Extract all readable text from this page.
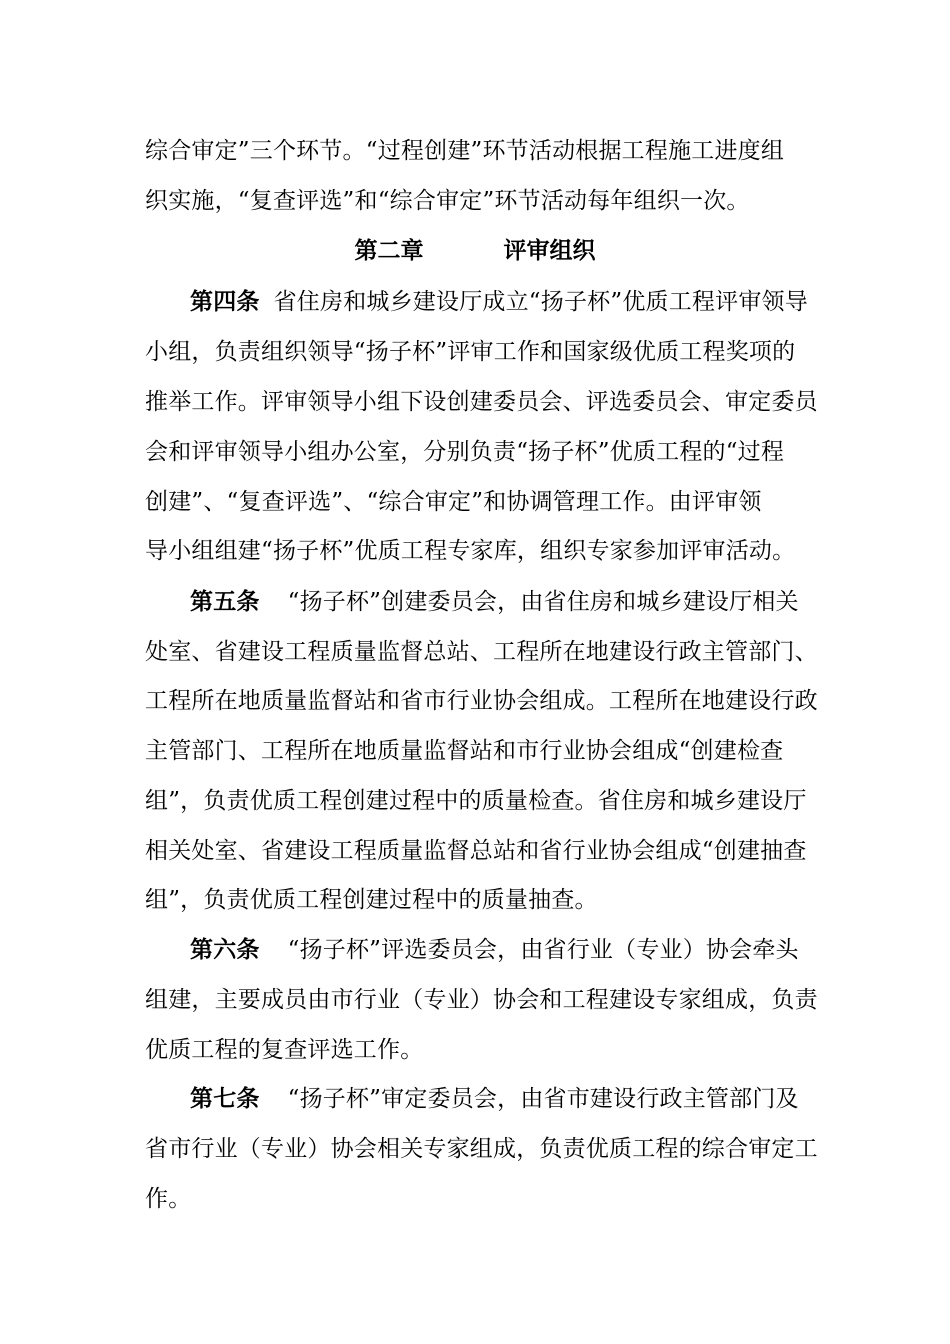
综合审定”三个环节。“过程创建”环节活动根据工程施工进度组
织实施，“复查评选”和“综合审定”环节活动每年组织一次。
第二章	评审组织
第四条 省住房和城乡建设厅成立“扬子杯”优质工程评审领导
小组，负责组织领导“扬子杯”评审工作和国家级优质工程奖项的
推举工作。评审领导小组下设创建委员会、评选委员会、审定委员
会和评审领导小组办公室，分别负责“扬子杯”优质工程的“过程
创建”、“复查评选”、“综合审定”和协调管理工作。由评审领
导小组组建“扬子杯”优质工程专家库，组织专家参加评审活动。
第五条 “扬子杯”创建委员会，由省住房和城乡建设厅相关
处室、省建设工程质量监督总站、工程所在地建设行政主管部门、
工程所在地质量监督站和省市行业协会组成。工程所在地建设行政
主管部门、工程所在地质量监督站和市行业协会组成“创建检查
组”，负责优质工程创建过程中的质量检查。省住房和城乡建设厅
相关处室、省建设工程质量监督总站和省行业协会组成“创建抽查
组”，负责优质工程创建过程中的质量抽查。
第六条 “扬子杯”评选委员会，由省行业（专业）协会牵头
组建，主要成员由市行业（专业）协会和工程建设专家组成，负责
优质工程的复查评选工作。
第七条 “扬子杯”审定委员会，由省市建设行政主管部门及
省市行业（专业）协会相关专家组成，负责优质工程的综合审定工
作。
